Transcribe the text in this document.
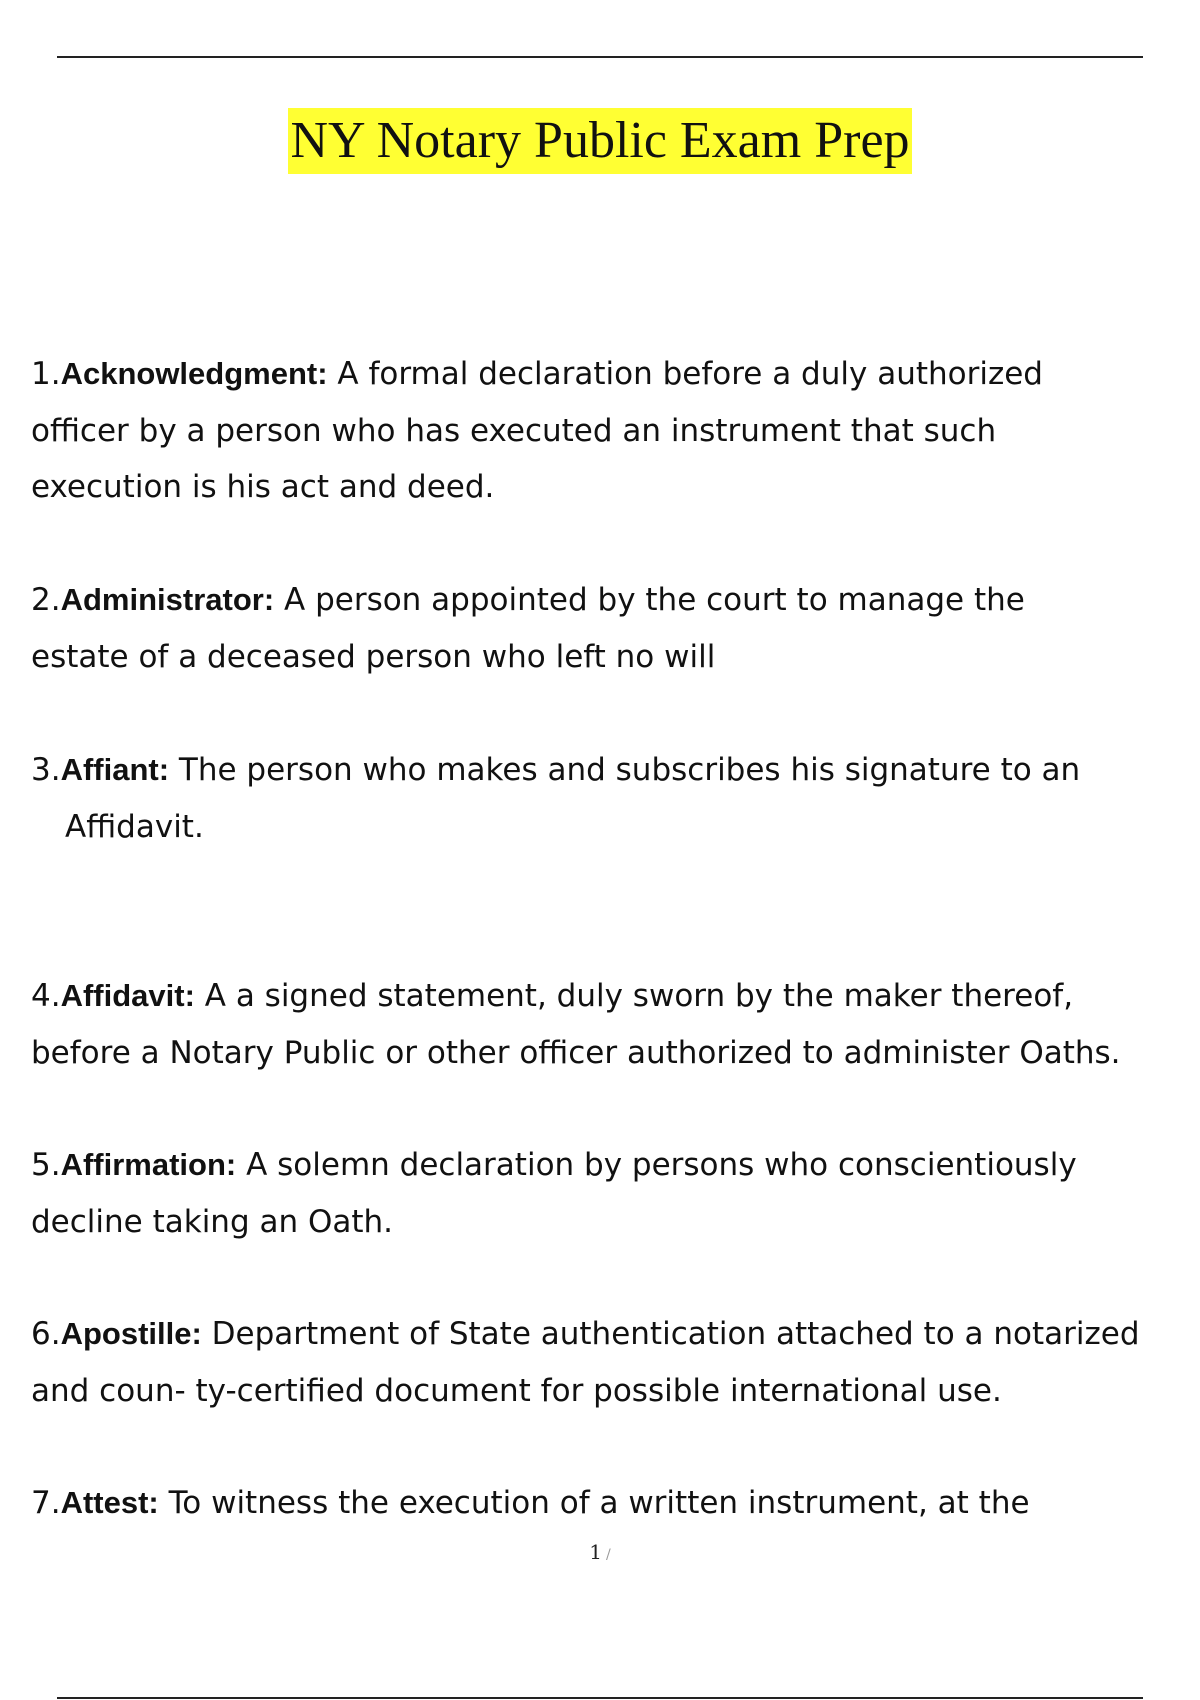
NY Notary Public Exam Prep
1.Acknowledgment: A formal declaration before a duly authorized
officer by a person who has executed an instrument that such
execution is his act and deed.
2.Administrator: A person appointed by the court to manage the
estate of a deceased person who left no will
3.Affiant: The person who makes and subscribes his signature to an
Affidavit.
4.Affidavit: A a signed statement, duly sworn by the maker thereof,
before a Notary Public or other officer authorized to administer Oaths.
5.Affirmation: A solemn declaration by persons who conscientiously
decline taking an Oath.
6.Apostille: Department of State authentication attached to a notarized
and coun- ty-certified document for possible international use.
7.Attest: To witness the execution of a written instrument, at the
1 /
